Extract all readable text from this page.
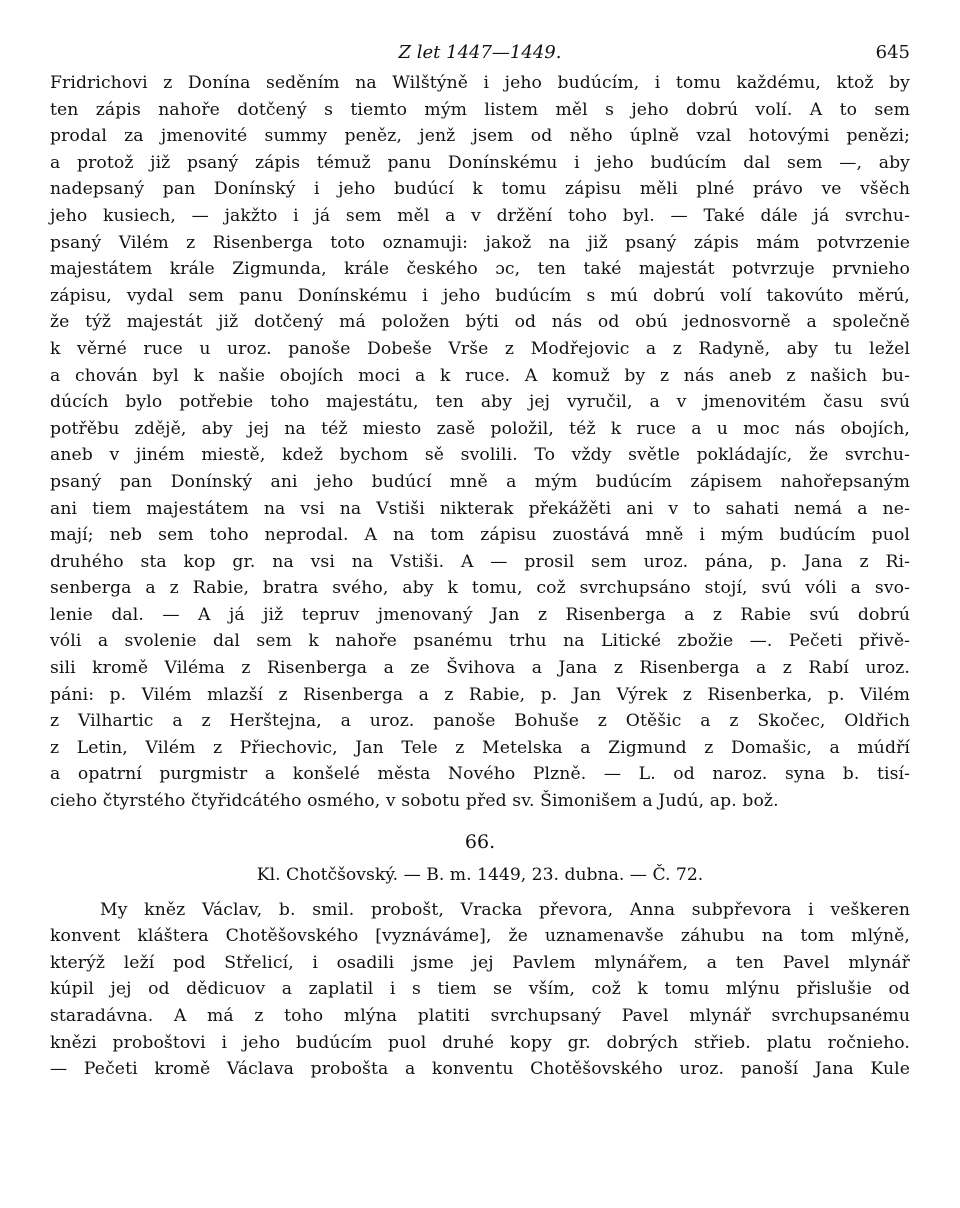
Z let 1447—1449.	645
Fridrichovi z Donína seděním na Wilštýně i jeho budúcím, i tomu každému, ktož by
ten zápis nahoře dotčený s tiemto mým listem měl s jeho dobrú volí. A to sem
prodal za jmenovité summy peněz, jenž jsem od něho úplně vzal hotovými penězi;
a protož již psaný zápis témuž panu Donínskému i jeho budúcím dal sem —, aby
nadepsaný pan Donínský i jeho budúcí k tomu zápisu měli plné právo ve všěch
jeho kusiech, — jakžto i já sem měl a v držění toho byl. — Také dále já svrchu-
psaný Vilém z Risenberga toto oznamuji: jakož na již psaný zápis mám potvrzenie
majestátem krále Zigmunda, krále českého ɔc, ten také majestát potvrzuje prvnieho
zápisu, vydal sem panu Donínskému i jeho budúcím s mú dobrú volí takovúto měrú,
že týž majestát již dotčený má položen býti od nás od obú jednosvorně a společně
k věrné ruce u uroz. panoše Dobeše Vrše z Modřejovic a z Radyně, aby tu ležel
a chován byl k našie obojích moci a k ruce. A komuž by z nás aneb z našich bu-
dúcích bylo potřebie toho majestátu, ten aby jej vyručil, a v jmenovitém času svú
potřěbu zdějě, aby jej na též miesto zasě položil, též k ruce a u moc nás obojích,
aneb v jiném miestě, kdež bychom sě svolili. To vždy světle pokládajíc, že svrchu-
psaný pan Donínský ani jeho budúcí mně a mým budúcím zápisem nahořepsaným
ani tiem majestátem na vsi na Vstiši nikterak překážěti ani v to sahati nemá a ne-
mají; neb sem toho neprodal. A na tom zápisu zuostává mně i mým budúcím puol
druhého sta kop gr. na vsi na Vstiši. A — prosil sem uroz. pána, p. Jana z Ri-
senberga a z Rabie, bratra svého, aby k tomu, což svrchupsáno stojí, svú vóli a svo-
lenie dal. — A já již tepruv jmenovaný Jan z Risenberga a z Rabie svú dobrú
vóli a svolenie dal sem k nahoře psanému trhu na Litické zbožie —. Pečeti přivě-
sili kromě Viléma z Risenberga a ze Švihova a Jana z Risenberga a z Rabí uroz.
páni: p. Vilém mlazší z Risenberga a z Rabie, p. Jan Výrek z Risenberka, p. Vilém
z Vilhartic a z Herštejna, a uroz. panoše Bohuše z Otěšic a z Skočec, Oldřich
z Letin, Vilém z Přiechovic, Jan Tele z Metelska a Zigmund z Domašic, a múdří
a opatrní purgmistr a konšelé města Nového Plzně. — L. od naroz. syna b. tisí-
cieho čtyrstého čtyřidcátého osmého, v sobotu před sv. Šimonišem a Judú, ap. bož.
66.
Kl. Chotčšovský. — B. m. 1449, 23. dubna. — Č. 72.
My kněz Václav, b. smil. probošt, Vracka převora, Anna subpřevora i veškeren
konvent kláštera Chotěšovského [vyznáváme], že uznamenavše záhubu na tom mlýně,
kterýž leží pod Střelicí, i osadili jsme jej Pavlem mlynářem, a ten Pavel mlynář
kúpil jej od dědicuov a zaplatil i s tiem se vším, což k tomu mlýnu přislušie od
staradávna. A má z toho mlýna platiti svrchupsaný Pavel mlynář svrchupsanému
knězi proboštovi i jeho budúcím puol druhé kopy gr. dobrých střieb. platu ročnieho.
— Pečeti kromě Václava probošta a konventu Chotěšovského uroz. panoší Jana Kule
